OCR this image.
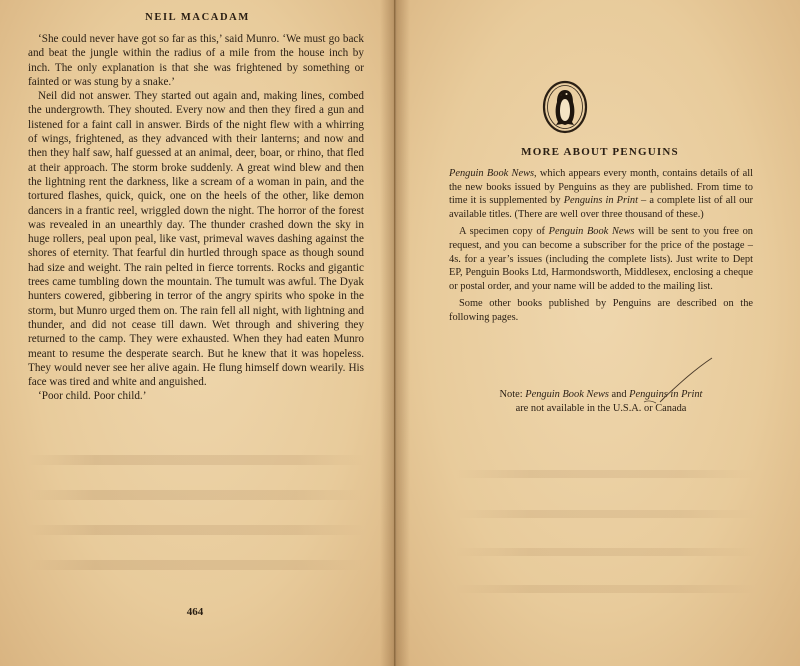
NEIL MACADAM

‘She could never have got so far as this,’ said Munro. ‘We must go back and beat the jungle within the radius of a mile from the house inch by inch. The only explanation is that she was frightened by something or fainted or was stung by a snake.’

Neil did not answer. They started out again and, making lines, combed the undergrowth. They shouted. Every now and then they fired a gun and listened for a faint call in answer. Birds of the night flew with a whirring of wings, frightened, as they advanced with their lanterns; and now and then they half saw, half guessed at an animal, deer, boar, or rhino, that fled at their approach. The storm broke suddenly. A great wind blew and then the lightning rent the darkness, like a scream of a woman in pain, and the tortured flashes, quick, quick, one on the heels of the other, like demon dancers in a frantic reel, wriggled down the night. The horror of the forest was revealed in an unearthly day. The thunder crashed down the sky in huge rollers, peal upon peal, like vast, primeval waves dashing against the shores of eternity. That fearful din hurtled through space as though sound had size and weight. The rain pelted in fierce torrents. Rocks and gigantic trees came tumbling down the mountain. The tumult was awful. The Dyak hunters cowered, gibbering in terror of the angry spirits who spoke in the storm, but Munro urged them on. The rain fell all night, with lightning and thunder, and did not cease till dawn. Wet through and shivering they returned to the camp. They were exhausted. When they had eaten Munro meant to resume the desperate search. But he knew that it was hopeless. They would never see her alive again. He flung himself down wearily. His face was tired and white and anguished.

‘Poor child. Poor child.’

464
MORE ABOUT PENGUINS

Penguin Book News, which appears every month, contains details of all the new books issued by Penguins as they are published. From time to time it is supplemented by Penguins in Print – a complete list of all our available titles. (There are well over three thousand of these.)

A specimen copy of Penguin Book News will be sent to you free on request, and you can become a subscriber for the price of the postage – 4s. for a year’s issues (including the complete lists). Just write to Dept EP, Penguin Books Ltd, Harmondsworth, Middlesex, enclosing a cheque or postal order, and your name will be added to the mailing list.

Some other books published by Penguins are described on the following pages.

Note: Penguin Book News and Penguins in Print
are not available in the U.S.A. or Canada
